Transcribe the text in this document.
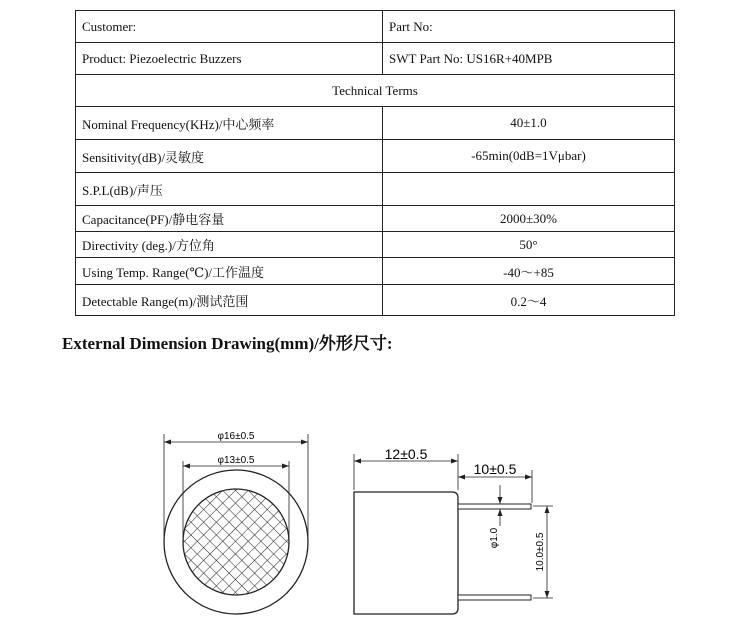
Customer:	Part No:
Product: Piezoelectric Buzzers	SWT Part No: US16R+40MPB
Technical Terms	
Nominal Frequency(KHz)/中心频率	40±1.0
Sensitivity(dB)/灵敏度	-65min(0dB=1Vμbar)
S.P.L(dB)/声压	
Capacitance(PF)/静电容量	2000±30%
Directivity (deg.)/方位角	50°
Using Temp. Range(℃)/工作温度	-40～+85
Detectable Range(m)/测试范围	0.2～4
External Dimension Drawing(mm)/外形尺寸:
φ16±0.5
φ13±0.5	12±0.5
10±0.5
φ1.0	10.0±0.5
